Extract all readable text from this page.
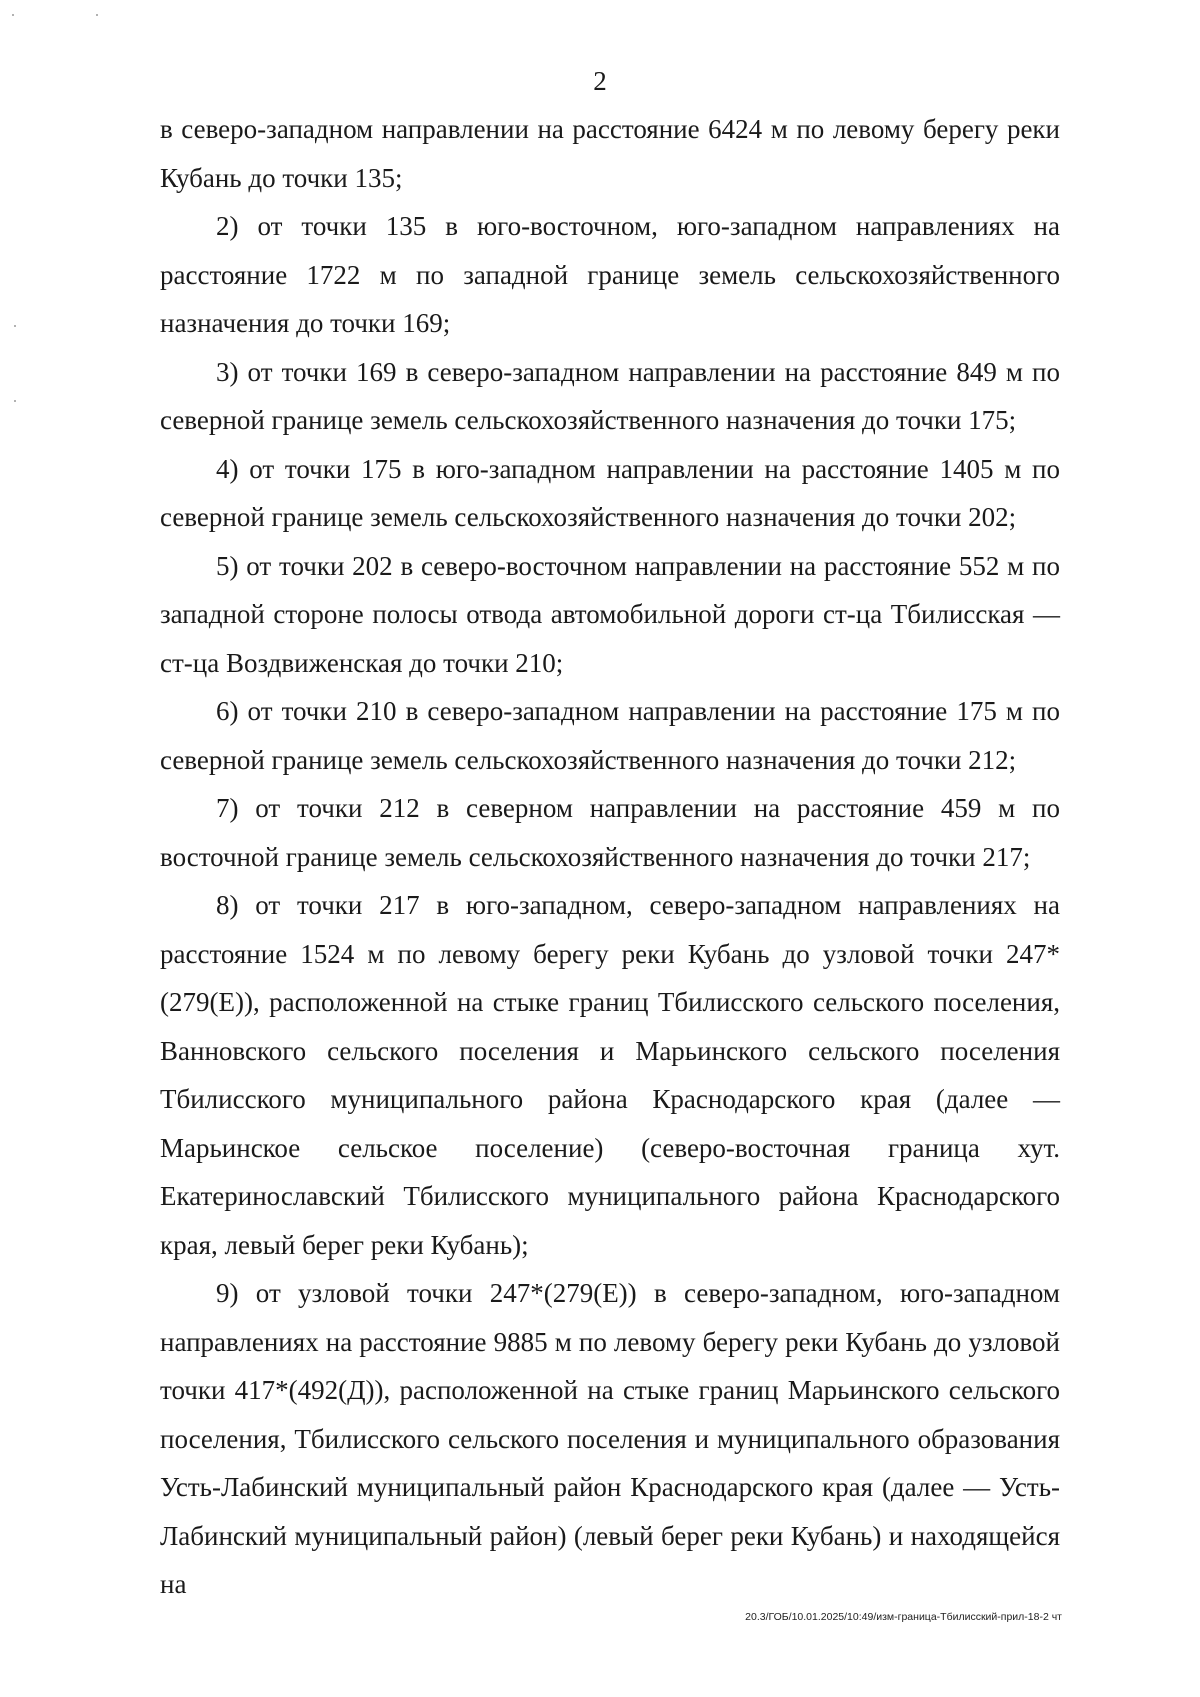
2

в северо-западном направлении на расстояние 6424 м по левому берегу реки Кубань до точки 135;

2) от точки 135 в юго-восточном, юго-западном направлениях на расстояние 1722 м по западной границе земель сельскохозяйственного назначения до точки 169;

3) от точки 169 в северо-западном направлении на расстояние 849 м по северной границе земель сельскохозяйственного назначения до точки 175;

4) от точки 175 в юго-западном направлении на расстояние 1405 м по северной границе земель сельскохозяйственного назначения до точки 202;

5) от точки 202 в северо-восточном направлении на расстояние 552 м по западной стороне полосы отвода автомобильной дороги ст-ца Тбилисская — ст-ца Воздвиженская до точки 210;

6) от точки 210 в северо-западном направлении на расстояние 175 м по северной границе земель сельскохозяйственного назначения до точки 212;

7) от точки 212 в северном направлении на расстояние 459 м по восточной границе земель сельскохозяйственного назначения до точки 217;

8) от точки 217 в юго-западном, северо-западном направлениях на расстояние 1524 м по левому берегу реки Кубань до узловой точки 247*(279(Е)), расположенной на стыке границ Тбилисского сельского поселения, Ванновского сельского поселения и Марьинского сельского поселения Тбилисского муниципального района Краснодарского края (далее — Марьинское сельское поселение) (северо-восточная граница хут. Екатеринославский Тбилисского муниципального района Краснодарского края, левый берег реки Кубань);

9) от узловой точки 247*(279(Е)) в северо-западном, юго-западном направлениях на расстояние 9885 м по левому берегу реки Кубань до узловой точки 417*(492(Д)), расположенной на стыке границ Марьинского сельского поселения, Тбилисского сельского поселения и муниципального образования Усть-Лабинский муниципальный район Краснодарского края (далее — Усть-Лабинский муниципальный район) (левый берег реки Кубань) и находящейся на

20.3/ГОБ/10.01.2025/10:49/изм-граница-Тбилисский-прил-18-2 чт
